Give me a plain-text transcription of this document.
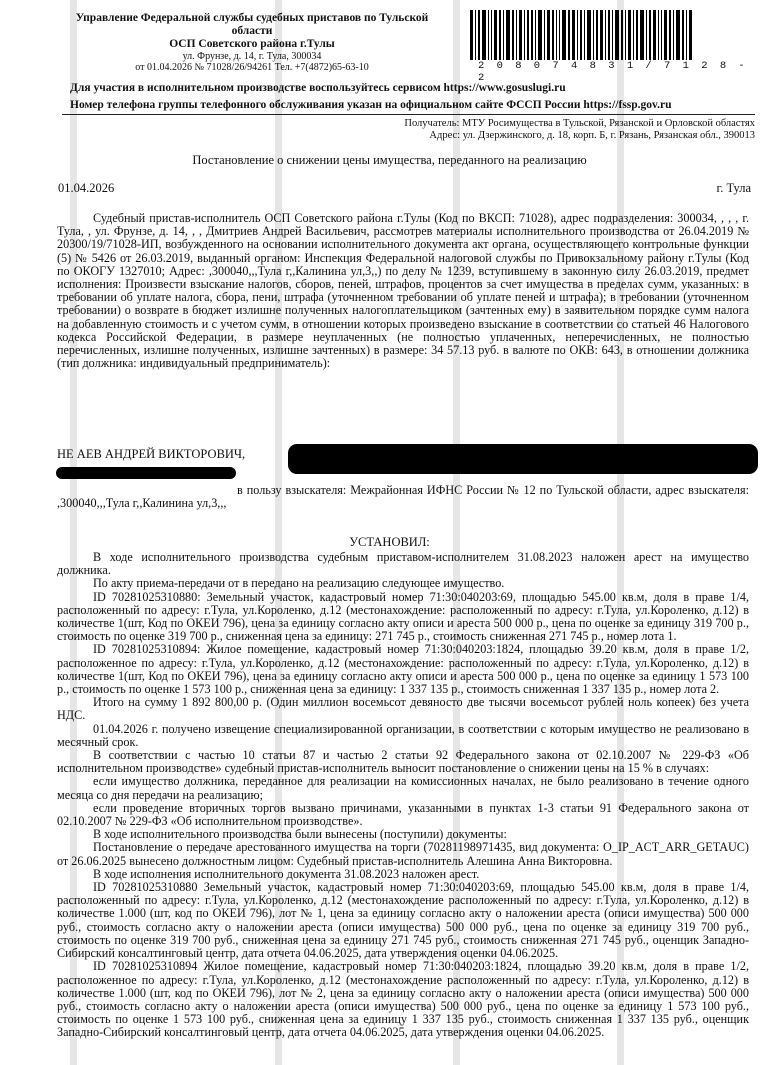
Управление Федеральной службы судебных приставов по Тульской области
ОСП Советского района г.Тулы
ул. Фрунзе, д. 14, г. Тула, 300034
от 01.04.2026 № 71028/26/94261 Тел. +7(4872)65-63-10	2 0 8 0 7 4 8 3 1 / 7 1 2 8 - 2
Для участия в исполнительном производстве воспользуйтесь сервисом https://www.gosuslugi.ru
Номер телефона группы телефонного обслуживания указан на официальном сайте ФССП России https://fssp.gov.ru
Получатель: МТУ Росимущества в Тульской, Рязанской и Орловской областях
Адрес: ул. Дзержинского, д. 18, корп. Б, г. Рязань, Рязанская обл., 390013
Постановление о снижении цены имущества, переданного на реализацию
01.04.2026	г. Тула

Судебный пристав-исполнитель ОСП Советского района г.Тулы (Код по ВКСП: 71028), адрес подразделения: 300034, , , , г. Тула, , ул. Фрунзе, д. 14, , , Дмитриев Андрей Васильевич, рассмотрев материалы исполнительного производства от 26.04.2019 № 20300/19/71028-ИП, возбужденного на основании исполнительного документа акт органа, осуществляющего контрольные функции (5) № 5426 от 26.03.2019, выданный органом: Инспекция Федеральной налоговой службы по Привокзальному району г.Тулы (Код по ОКОГУ 1327010; Адрес: ,300040,,,Тула г,,Калинина ул,3,,) по делу № 1239, вступившему в законную силу 26.03.2019, предмет исполнения: Произвести взыскание налогов, сборов, пеней, штрафов, процентов за счет имущества в пределах сумм, указанных: в требовании об уплате налога, сбора, пени, штрафа (уточненном требовании об уплате пеней и штрафа); в требовании (уточненном требовании) о возврате в бюджет излишне полученных налогоплательщиком (зачтенных ему) в заявительном порядке сумм налога на добавленную стоимость и с учетом сумм, в отношении которых произведено взыскание в соответствии со статьей 46 Налогового кодекса Российской Федерации, в размере неуплаченных (не полностью уплаченных, неперечисленных, не полностью перечисленных, излишне полученных, излишне зачтенных) в размере: 34 57.13 руб. в валюте по ОКВ: 643, в отношении должника (тип должника: индивидуальный предприниматель):

НЕ АЕВ АНДРЕЙ ВИКТОРОВИЧ,

в пользу взыскателя: Межрайонная ИФНС России № 12 по Тульской области, адрес взыскателя: ,300040,,,Тула г,,Калинина ул,3,,,

УСТАНОВИЛ:

В ходе исполнительного производства судебным приставом-исполнителем 31.08.2023 наложен арест на имущество должника.

По акту приема-передачи от в передано на реализацию следующее имущество.

ID 70281025310880: Земельный участок, кадастровый номер 71:30:040203:69, площадью 545.00 кв.м, доля в праве 1/4, расположенный по адресу: г.Тула, ул.Короленко, д.12 (местонахождение: расположенный по адресу: г.Тула, ул.Короленко, д.12) в количестве 1(шт, Код по ОКЕИ 796), цена за единицу согласно акту описи и ареста 500 000 р., цена по оценке за единицу 319 700 р., стоимость по оценке 319 700 р., сниженная цена за единицу: 271 745 р., стоимость сниженная 271 745 р., номер лота 1.

ID 70281025310894: Жилое помещение, кадастровый номер 71:30:040203:1824, площадью 39.20 кв.м, доля в праве 1/2, расположенное по адресу: г.Тула, ул.Короленко, д.12 (местонахождение: расположенный по адресу: г.Тула, ул.Короленко, д.12) в количестве 1(шт, Код по ОКЕИ 796), цена за единицу согласно акту описи и ареста 500 000 р., цена по оценке за единицу 1 573 100 р., стоимость по оценке 1 573 100 р., сниженная цена за единицу: 1 337 135 р., стоимость сниженная 1 337 135 р., номер лота 2.

Итого на сумму 1 892 800,00 р. (Один миллион восемьсот девяносто две тысячи восемьсот рублей ноль копеек) без учета НДС.

01.04.2026 г. получено извещение специализированной организации, в соответствии с которым имущество не реализовано в месячный срок.

В соответствии с частью 10 статьи 87 и частью 2 статьи 92 Федерального закона от 02.10.2007 № 229-ФЗ «Об исполнительном производстве» судебный пристав-исполнитель выносит постановление о снижении цены на 15 % в случаях:

если имущество должника, переданное для реализации на комиссионных началах, не было реализовано в течение одного месяца со дня передачи на реализацию;

если проведение вторичных торгов вызвано причинами, указанными в пунктах 1-3 статьи 91 Федерального закона от 02.10.2007 № 229-ФЗ «Об исполнительном производстве».

В ходе исполнительного производства были вынесены (поступили) документы:

Постановление о передаче арестованного имущества на торги (70281198971435, вид документа: O_IP_ACT_ARR_GETAUC) от 26.06.2025 вынесено должностным лицом: Судебный пристав-исполнитель Алешина Анна Викторовна.

В ходе исполнения исполнительного документа 31.08.2023 наложен арест.

ID 70281025310880 Земельный участок, кадастровый номер 71:30:040203:69, площадью 545.00 кв.м, доля в праве 1/4, расположенный по адресу: г.Тула, ул.Короленко, д.12 (местонахождение расположенный по адресу: г.Тула, ул.Короленко, д.12) в количестве 1.000 (шт, код по ОКЕИ 796), лот № 1, цена за единицу согласно акту о наложении ареста (описи имущества) 500 000 руб., стоимость согласно акту о наложении ареста (описи имущества) 500 000 руб., цена по оценке за единицу 319 700 руб., стоимость по оценке 319 700 руб., сниженная цена за единицу 271 745 руб., стоимость сниженная 271 745 руб., оценщик Западно-Сибирский консалтинговый центр, дата отчета 04.06.2025, дата утверждения оценки 04.06.2025.

ID 70281025310894 Жилое помещение, кадастровый номер 71:30:040203:1824, площадью 39.20 кв.м, доля в праве 1/2, расположенное по адресу: г.Тула, ул.Короленко, д.12 (местонахождение расположенный по адресу: г.Тула, ул.Короленко, д.12) в количестве 1.000 (шт, код по ОКЕИ 796), лот № 2, цена за единицу согласно акту о наложении ареста (описи имущества) 500 000 руб., стоимость согласно акту о наложении ареста (описи имущества) 500 000 руб., цена по оценке за единицу 1 573 100 руб., стоимость по оценке 1 573 100 руб., сниженная цена за единицу 1 337 135 руб., стоимость сниженная 1 337 135 руб., оценщик Западно-Сибирский консалтинговый центр, дата отчета 04.06.2025, дата утверждения оценки 04.06.2025.
